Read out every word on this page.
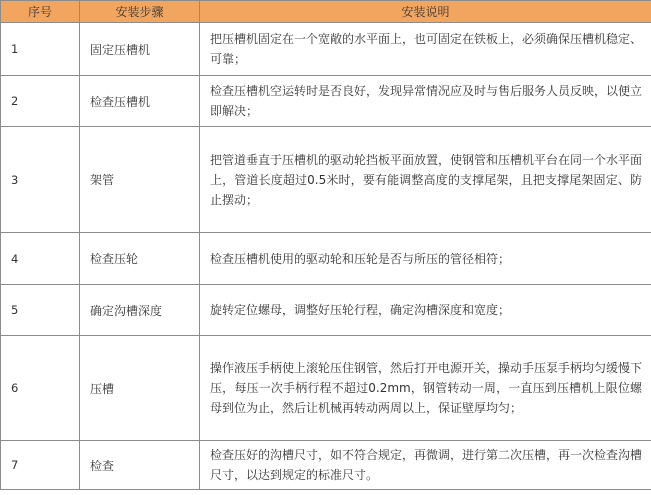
序号	安装步骤	安装说明
1	固定压槽机	把压槽机固定在一个宽敞的水平面上，也可固定在铁板上，必须确保压槽机稳定、可靠；
2	检查压槽机	检查压槽机空运转时是否良好，发现异常情况应及时与售后服务人员反映，以便立即解决；
3	架管	把管道垂直于压槽机的驱动轮挡板平面放置，使钢管和压槽机平台在同一个水平面上，管道长度超过0.5米时，要有能调整高度的支撑尾架，且把支撑尾架固定、防止摆动；
4	检查压轮	检查压槽机使用的驱动轮和压轮是否与所压的管径相符；
5	确定沟槽深度	旋转定位螺母，调整好压轮行程，确定沟槽深度和宽度；
6	压槽	操作液压手柄使上滚轮压住钢管，然后打开电源开关，操动手压泵手柄均匀缓慢下压，每压一次手柄行程不超过0.2mm，钢管转动一周，一直压到压槽机上限位螺母到位为止，然后让机械再转动两周以上，保证壁厚均匀；
7	检查	检查压好的沟槽尺寸，如不符合规定，再微调，进行第二次压槽，再一次检查沟槽尺寸，以达到规定的标准尺寸。
